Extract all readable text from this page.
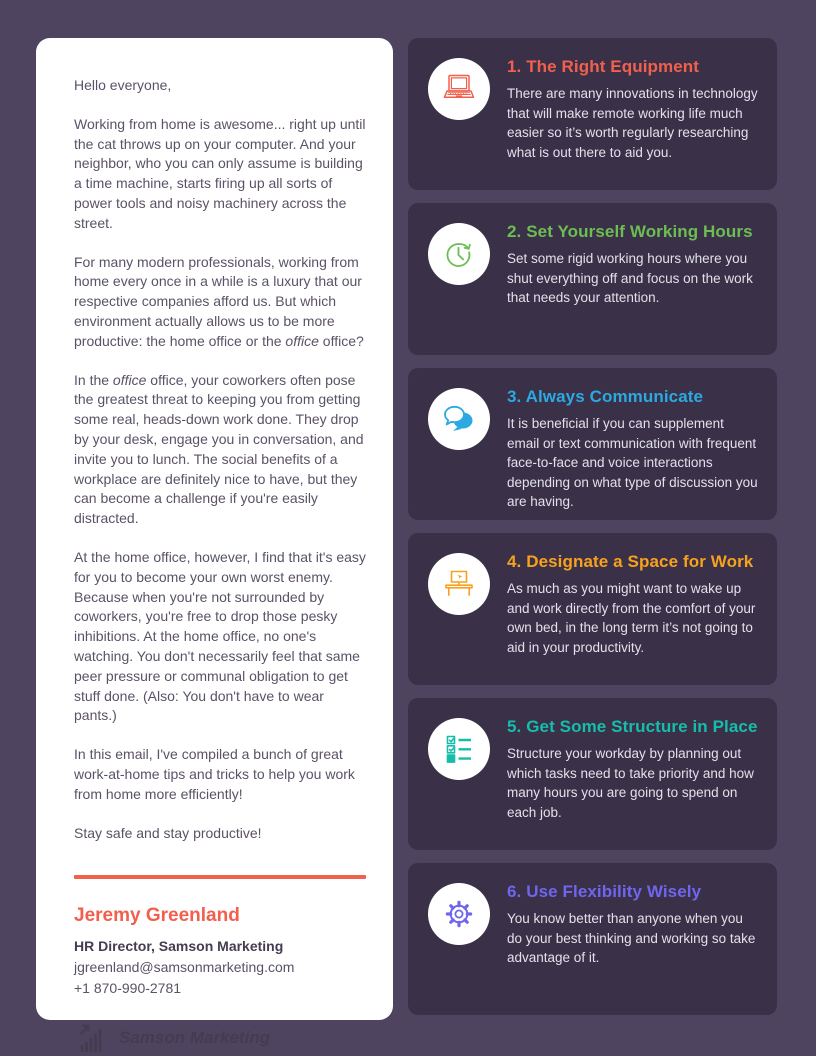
Hello everyone,

Working from home is awesome... right up until the cat throws up on your computer. And your neighbor, who you can only assume is building a time machine, starts firing up all sorts of power tools and noisy machinery across the street.

For many modern professionals, working from home every once in a while is a luxury that our respective companies afford us. But which environment actually allows us to be more productive: the home office or the office office?

In the office office, your coworkers often pose the greatest threat to keeping you from getting some real, heads-down work done. They drop by your desk, engage you in conversation, and invite you to lunch. The social benefits of a workplace are definitely nice to have, but they can become a challenge if you're easily distracted.

At the home office, however, I find that it's easy for you to become your own worst enemy. Because when you're not surrounded by coworkers, you're free to drop those pesky inhibitions. At the home office, no one's watching. You don't necessarily feel that same peer pressure or communal obligation to get stuff done. (Also: You don't have to wear pants.)

In this email, I've compiled a bunch of great work-at-home tips and tricks to help you work from home more efficiently!

Stay safe and stay productive!

Jeremy Greenland

HR Director, Samson Marketing

jgreenland@samsonmarketing.com

+1 870-990-2781

Samson Marketing
1. The Right Equipment

There are many innovations in technology that will make remote working life much easier so it’s worth regularly researching what is out there to aid you.

2. Set Yourself Working Hours

Set some rigid working hours where you shut everything off and focus on the work that needs your attention.

3. Always Communicate

It is beneficial if you can supplement email or text communication with frequent face-to-face and voice interactions depending on what type of discussion you are having.

4. Designate a Space for Work

As much as you might want to wake up and work directly from the comfort of your own bed, in the long term it’s not going to aid in your productivity.

5. Get Some Structure in Place

Structure your workday by planning out which tasks need to take priority and how many hours you are going to spend on each job.

6. Use Flexibility Wisely

You know better than anyone when you do your best thinking and working so take advantage of it.
